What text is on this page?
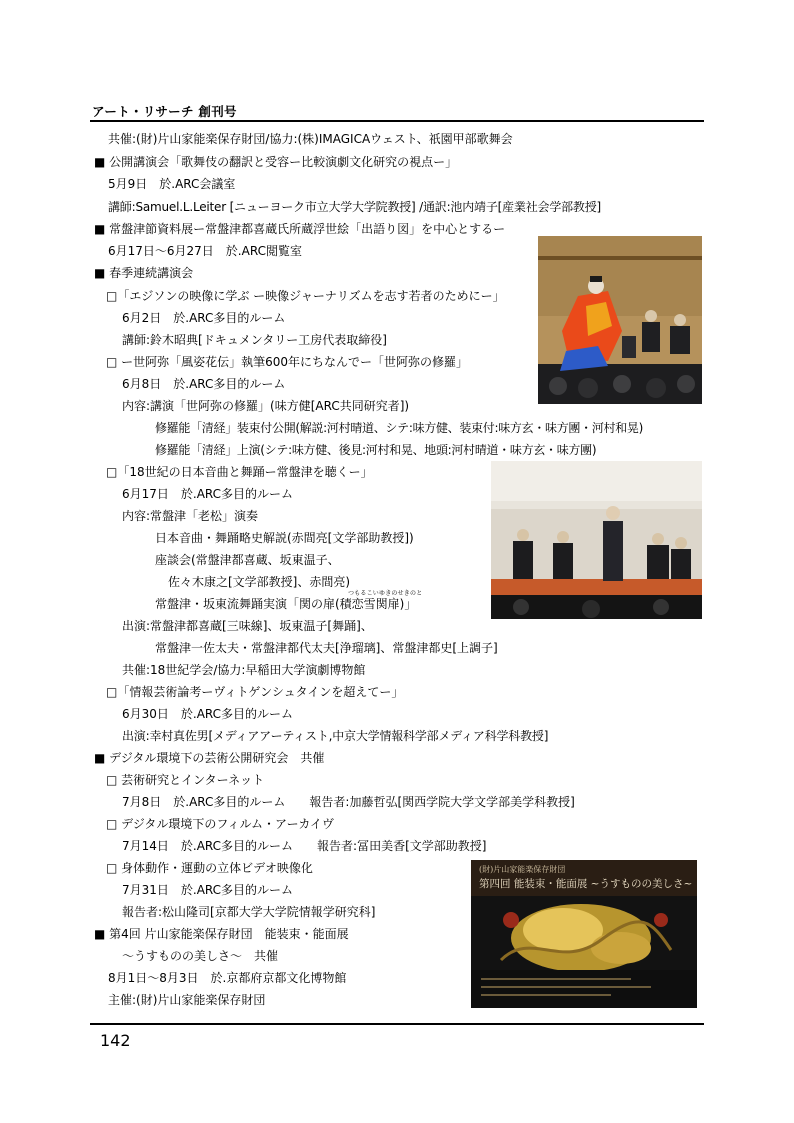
アート・リサーチ 創刊号
共催:(財)片山家能楽保存財団/協力:(株)IMAGICAウェスト、祇園甲部歌舞会
■ 公開講演会「歌舞伎の翻訳と受容ー比較演劇文化研究の視点ー」
5月9日　於.ARC会議室
講師:Samuel.L.Leiter [ニューヨーク市立大学大学院教授] /通訳:池内靖子[産業社会学部教授]
■ 常盤津節資料展ー常盤津都喜蔵氏所蔵浮世絵「出語り図」を中心とするー
6月17日〜6月27日　於.ARC閲覧室
■ 春季連続講演会
□「エジソンの映像に学ぶ ー映像ジャーナリズムを志す若者のためにー」
6月2日　於.ARC多目的ルーム
講師:鈴木昭典[ドキュメンタリー工房代表取締役]
□ ー世阿弥「風姿花伝」執筆600年にちなんでー「世阿弥の修羅」
6月8日　於.ARC多目的ルーム
内容:講演「世阿弥の修羅」(味方健[ARC共同研究者])
修羅能「清経」装束付公開(解説:河村晴道、シテ:味方健、装束付:味方玄・味方團・河村和晃)
修羅能「清経」上演(シテ:味方健、後見:河村和晃、地頭:河村晴道・味方玄・味方團)
□「18世紀の日本音曲と舞踊ー常盤津を聴くー」
6月17日　於.ARC多目的ルーム
内容:常盤津「老松」演奏
日本音曲・舞踊略史解説(赤間亮[文学部助教授])
座談会(常盤津都喜蔵、坂東温子、
佐々木康之[文学部教授]、赤間亮)
つもるこいゆきのせきのと
常盤津・坂東流舞踊実演「関の扉(積恋雪関扉)」
出演:常盤津都喜蔵[三味線]、坂東温子[舞踊]、
常盤津一佐太夫・常盤津都代太夫[浄瑠璃]、常盤津都史[上調子]
共催:18世紀学会/協力:早稲田大学演劇博物館
□「情報芸術論考ーヴィトゲンシュタインを超えてー」
6月30日　於.ARC多目的ルーム
出演:幸村真佐男[メディアアーティスト,中京大学情報科学部メディア科学科教授]
■ デジタル環境下の芸術公開研究会　共催
□ 芸術研究とインターネット
7月8日　於.ARC多目的ルーム　　報告者:加藤哲弘[関西学院大学文学部美学科教授]
□ デジタル環境下のフィルム・アーカイヴ
7月14日　於.ARC多目的ルーム　　報告者:冨田美香[文学部助教授]
□ 身体動作・運動の立体ビデオ映像化
7月31日　於.ARC多目的ルーム
報告者:松山隆司[京都大学大学院情報学研究科]
■ 第4回 片山家能楽保存財団　能装束・能面展
〜うすものの美しさ〜　共催
8月1日〜8月3日　於.京都府京都文化博物館
主催:(財)片山家能楽保存財団
(財)片山家能楽保存財団
第四回 能装束・能面展 ~うすものの美しさ~
142
